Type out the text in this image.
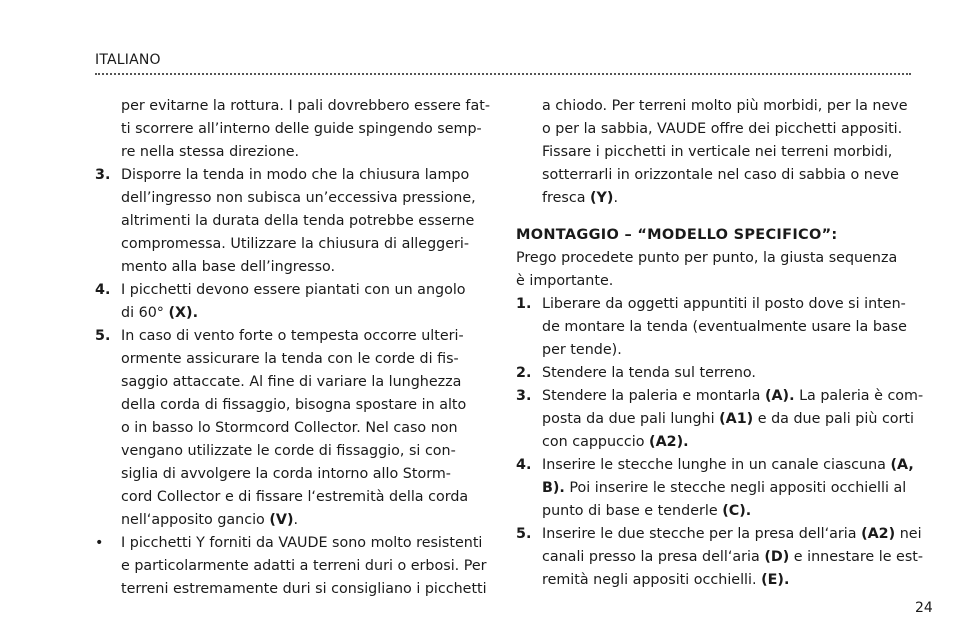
ITALIANO
per evitarne la rottura. I pali dovrebbero essere fat-
ti scorrere all’interno delle guide spingendo semp-
re nella stessa direzione.
3. Disporre la tenda in modo che la chiusura lampo
dell’ingresso non subisca un’eccessiva pressione,
altrimenti la durata della tenda potrebbe esserne
compromessa. Utilizzare la chiusura di alleggeri-
mento alla base dell’ingresso.
4. I picchetti devono essere piantati con un angolo
di 60° (X).
5. In caso di vento forte o tempesta occorre ulteri-
ormente assicurare la tenda con le corde di fis-
saggio attaccate. Al fine di variare la lunghezza
della corda di fissaggio, bisogna spostare in alto
o in basso lo Stormcord Collector. Nel caso non
vengano utilizzate le corde di fissaggio, si con-
siglia di avvolgere la corda intorno allo Storm-
cord Collector e di fissare l‘estremità della corda
nell‘apposito gancio (V).
•	I picchetti Y forniti da VAUDE sono molto resistenti
e particolarmente adatti a terreni duri o erbosi. Per
terreni estremamente duri si consigliano i picchetti
a chiodo. Per terreni molto più morbidi, per la neve
o per la sabbia, VAUDE offre dei picchetti appositi.
Fissare i picchetti in verticale nei terreni morbidi,
sotterrarli in orizzontale nel caso di sabbia o neve
fresca (Y).
MONTAGGIO – “MODELLO SPECIFICO”:
Prego procedete punto per punto, la giusta sequenza
è importante.
1. Liberare da oggetti appuntiti il posto dove si inten-
de montare la tenda (eventualmente usare la base
per tende).
2. Stendere la tenda sul terreno.
3. Stendere la paleria e montarla (A). La paleria è com-
posta da due pali lunghi (A1) e da due pali più corti
con cappuccio (A2).
4. Inserire le stecche lunghe in un canale ciascuna (A,
B). Poi inserire le stecche negli appositi occhielli al
punto di base e tenderle (C).
5. Inserire le due stecche per la presa dell‘aria (A2) nei
canali presso la presa dell‘aria (D) e innestare le est-
remità negli appositi occhielli. (E).
24
